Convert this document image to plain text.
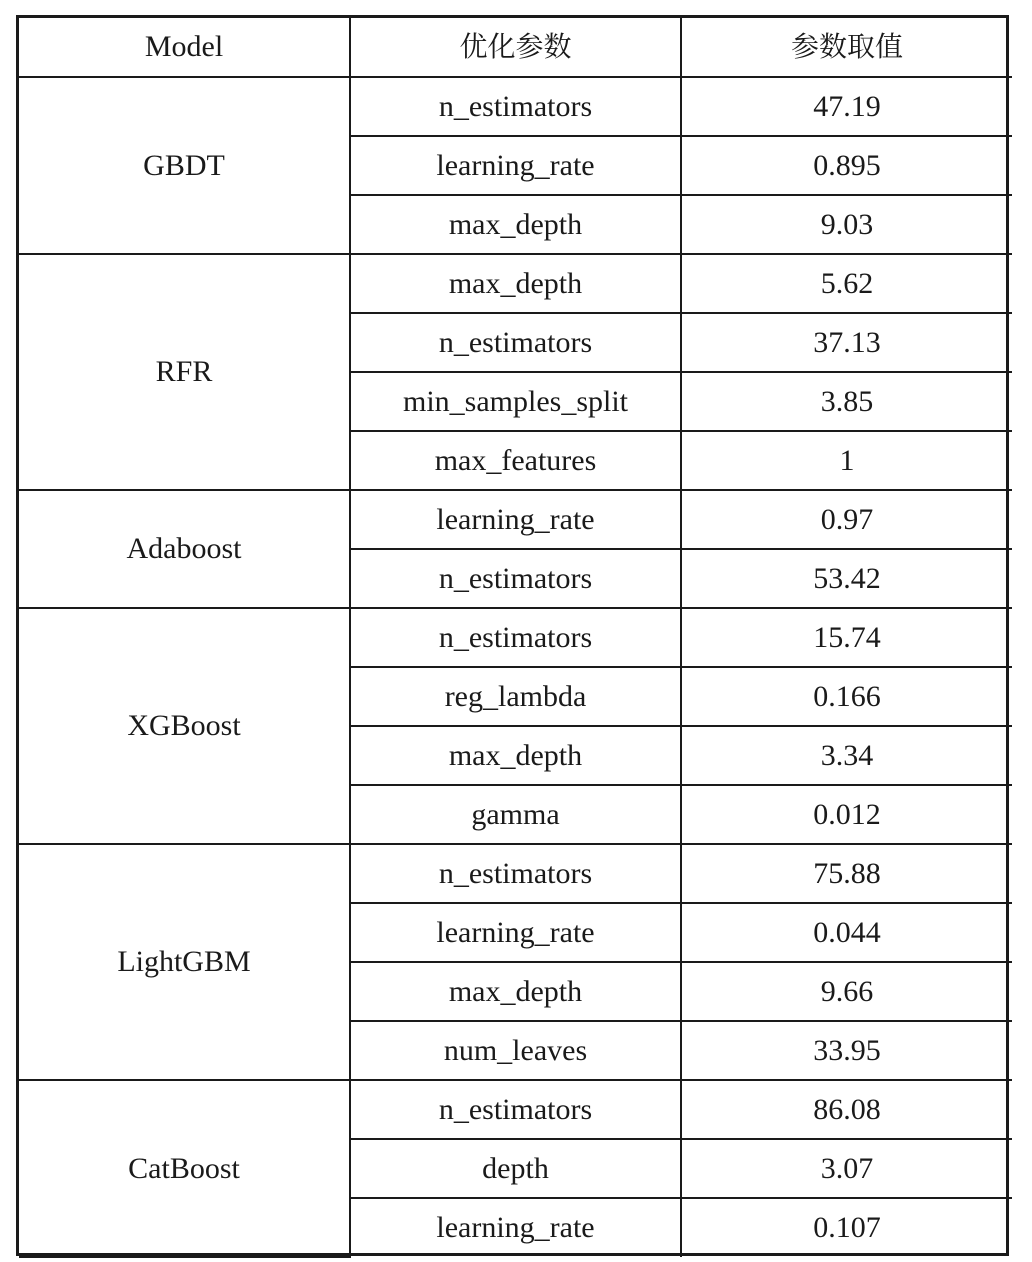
Model	优化参数	参数取值
GBDT	n_estimators	47.19
	learning_rate	0.895
	max_depth	9.03
RFR	max_depth	5.62
	n_estimators	37.13
	min_samples_split	3.85
	max_features	1
Adaboost	learning_rate	0.97
	n_estimators	53.42
XGBoost	n_estimators	15.74
	reg_lambda	0.166
	max_depth	3.34
	gamma	0.012
LightGBM	n_estimators	75.88
	learning_rate	0.044
	max_depth	9.66
	num_leaves	33.95
CatBoost	n_estimators	86.08
	depth	3.07
	learning_rate	0.107
